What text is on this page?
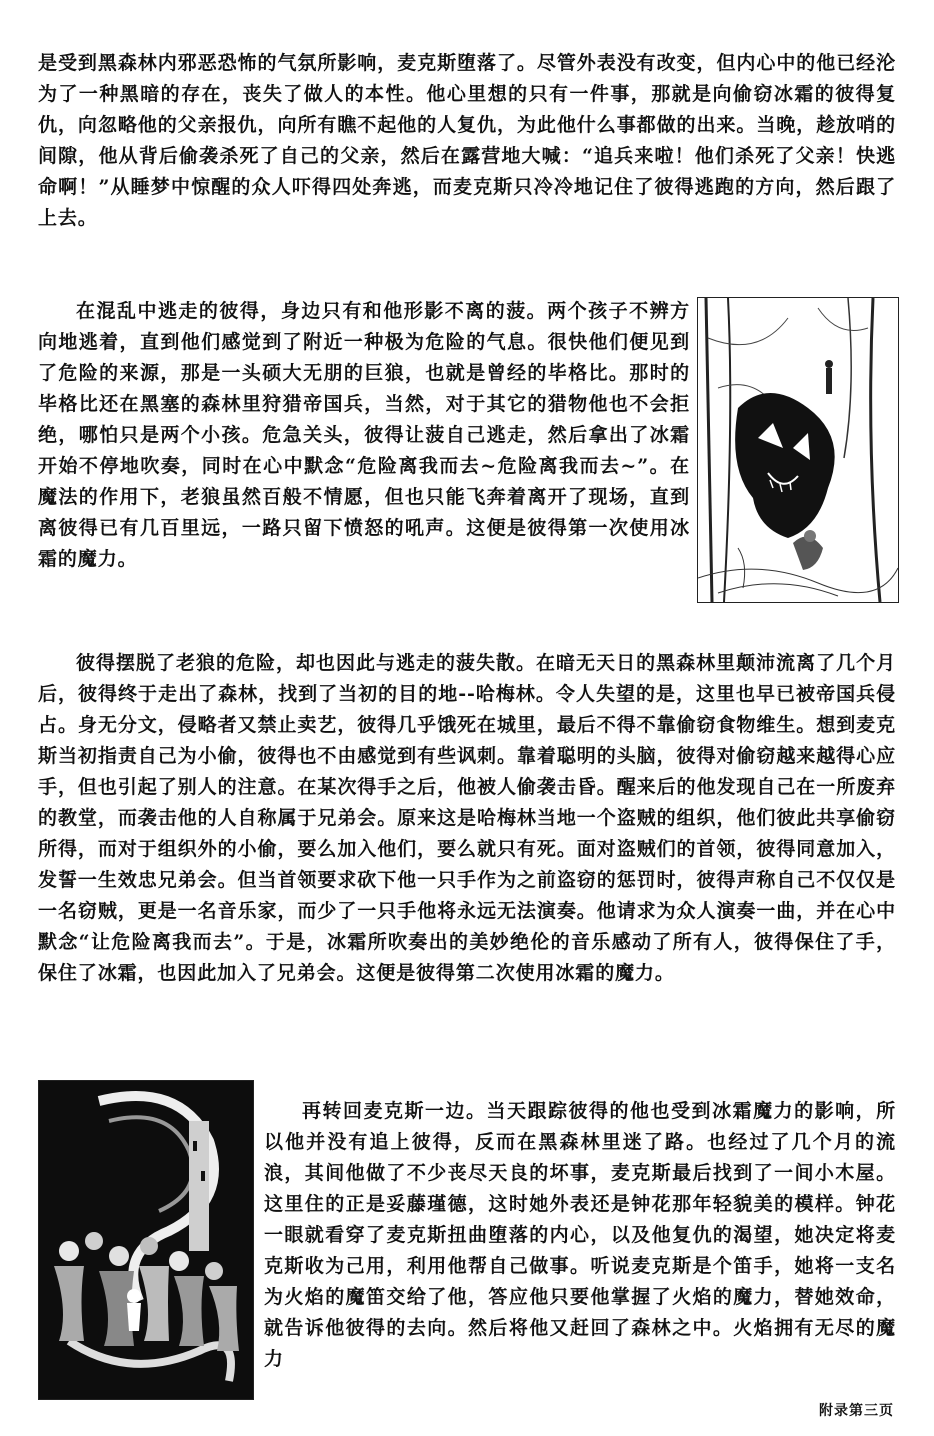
是受到黑森林内邪恶恐怖的气氛所影响，麦克斯堕落了。尽管外表没有改变，但内心中的他已经沦为了一种黑暗的存在，丧失了做人的本性。他心里想的只有一件事，那就是向偷窃冰霜的彼得复仇，向忽略他的父亲报仇，向所有瞧不起他的人复仇，为此他什么事都做的出来。当晚，趁放哨的间隙，他从背后偷袭杀死了自己的父亲，然后在露营地大喊：“追兵来啦！他们杀死了父亲！快逃命啊！”从睡梦中惊醒的众人吓得四处奔逃，而麦克斯只冷冷地记住了彼得逃跑的方向，然后跟了上去。

在混乱中逃走的彼得，身边只有和他形影不离的菠。两个孩子不辨方向地逃着，直到他们感觉到了附近一种极为危险的气息。很快他们便见到了危险的来源，那是一头硕大无朋的巨狼，也就是曾经的毕格比。那时的毕格比还在黑塞的森林里狩猎帝国兵，当然，对于其它的猎物他也不会拒绝，哪怕只是两个小孩。危急关头，彼得让菠自己逃走，然后拿出了冰霜开始不停地吹奏，同时在心中默念“危险离我而去~危险离我而去~”。在魔法的作用下，老狼虽然百般不情愿，但也只能飞奔着离开了现场，直到离彼得已有几百里远，一路只留下愤怒的吼声。这便是彼得第一次使用冰霜的魔力。

彼得摆脱了老狼的危险，却也因此与逃走的菠失散。在暗无天日的黑森林里颠沛流离了几个月后，彼得终于走出了森林，找到了当初的目的地--哈梅林。令人失望的是，这里也早已被帝国兵侵占。身无分文，侵略者又禁止卖艺，彼得几乎饿死在城里，最后不得不靠偷窃食物维生。想到麦克斯当初指责自己为小偷，彼得也不由感觉到有些讽刺。靠着聪明的头脑，彼得对偷窃越来越得心应手，但也引起了别人的注意。在某次得手之后，他被人偷袭击昏。醒来后的他发现自己在一所废弃的教堂，而袭击他的人自称属于兄弟会。原来这是哈梅林当地一个盗贼的组织，他们彼此共享偷窃所得，而对于组织外的小偷，要么加入他们，要么就只有死。面对盗贼们的首领，彼得同意加入，发誓一生效忠兄弟会。但当首领要求砍下他一只手作为之前盗窃的惩罚时，彼得声称自己不仅仅是一名窃贼，更是一名音乐家，而少了一只手他将永远无法演奏。他请求为众人演奏一曲，并在心中默念“让危险离我而去”。于是，冰霜所吹奏出的美妙绝伦的音乐感动了所有人，彼得保住了手，保住了冰霜，也因此加入了兄弟会。这便是彼得第二次使用冰霜的魔力。

再转回麦克斯一边。当天跟踪彼得的他也受到冰霜魔力的影响，所以他并没有追上彼得，反而在黑森林里迷了路。也经过了几个月的流浪，其间他做了不少丧尽天良的坏事，麦克斯最后找到了一间小木屋。这里住的正是妥藤瑾德，这时她外表还是钟花那年轻貌美的模样。钟花一眼就看穿了麦克斯扭曲堕落的内心，以及他复仇的渴望，她决定将麦克斯收为己用，利用他帮自己做事。听说麦克斯是个笛手，她将一支名为火焰的魔笛交给了他，答应他只要他掌握了火焰的魔力，替她效命，就告诉他彼得的去向。然后将他又赶回了森林之中。火焰拥有无尽的魔力

附录第三页
